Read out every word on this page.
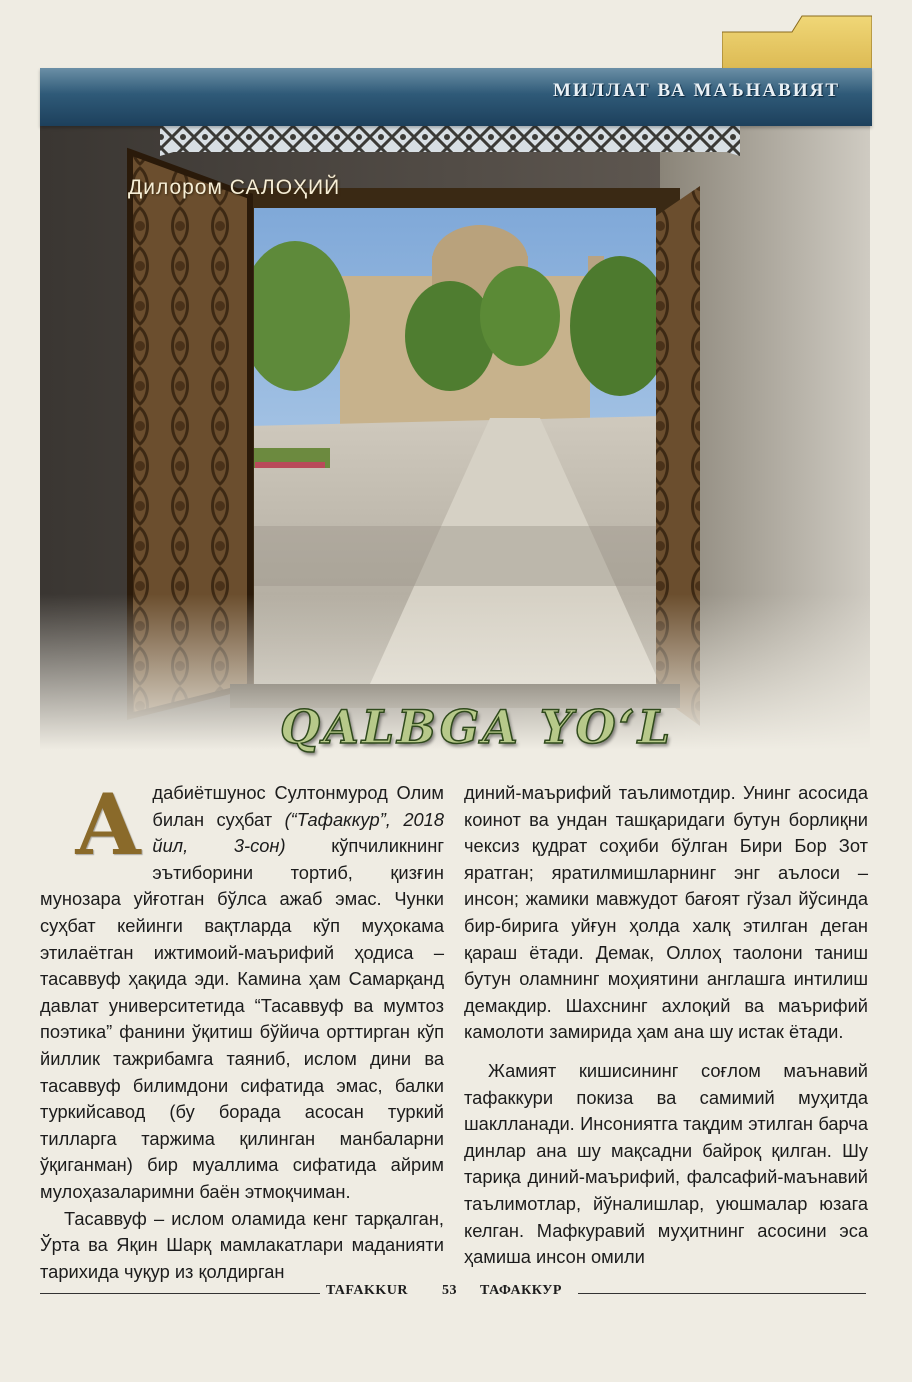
МИЛЛАТ ВА МАЪНАВИЯТ
Дилором САЛОҲИЙ
QALBGA YO‘L

Адабиётшунос Султонмурод Олим билан суҳбат (“Тафаккур”, 2018 йил, 3-сон) кўпчиликнинг эътиборини тортиб, қизғин мунозара уйғотган бўлса ажаб эмас. Чунки суҳбат кейинги вақтларда кўп муҳокама этилаётган ижтимоий-маърифий ҳодиса – тасаввуф ҳақида эди. Камина ҳам Самарқанд давлат университетида “Тасаввуф ва мумтоз поэтика” фанини ўқитиш бўйича орттирган кўп йиллик тажрибамга таяниб, ислом дини ва тасаввуф билимдони сифатида эмас, балки туркийсавод (бу борада асосан туркий тилларга таржима қилинган манбаларни ўқиганман) бир муаллима сифатида айрим мулоҳазаларимни баён этмоқчиман.

Тасаввуф – ислом оламида кенг тарқалган, Ўрта ва Яқин Шарқ мамлакатлари маданияти тарихида чуқур из қолдирган

диний-маърифий таълимотдир. Унинг асосида коинот ва ундан ташқаридаги бутун борлиқни чексиз қудрат соҳиби бўлган Бири Бор Зот яратган; яратилмишларнинг энг аълоси – инсон; жамики мавжудот бағоят гўзал йўсинда бир-бирига уйғун ҳолда халқ этилган деган қараш ётади. Демак, Оллоҳ таолони таниш бутун оламнинг моҳиятини англашга интилиш демакдир. Шахснинг ахлоқий ва маърифий камолоти замирида ҳам ана шу истак ётади.

Жамият кишисининг соғлом маънавий тафаккури покиза ва самимий муҳитда шаклланади. Инсониятга тақдим этилган барча динлар ана шу мақсадни байроқ қилган. Шу тариқа диний-маърифий, фалсафий-маънавий таълимотлар, йўналишлар, уюшмалар юзага келган. Мафкуравий муҳитнинг асосини эса ҳамиша инсон омили

TAFAKKUR 53 ТАФАККУР
